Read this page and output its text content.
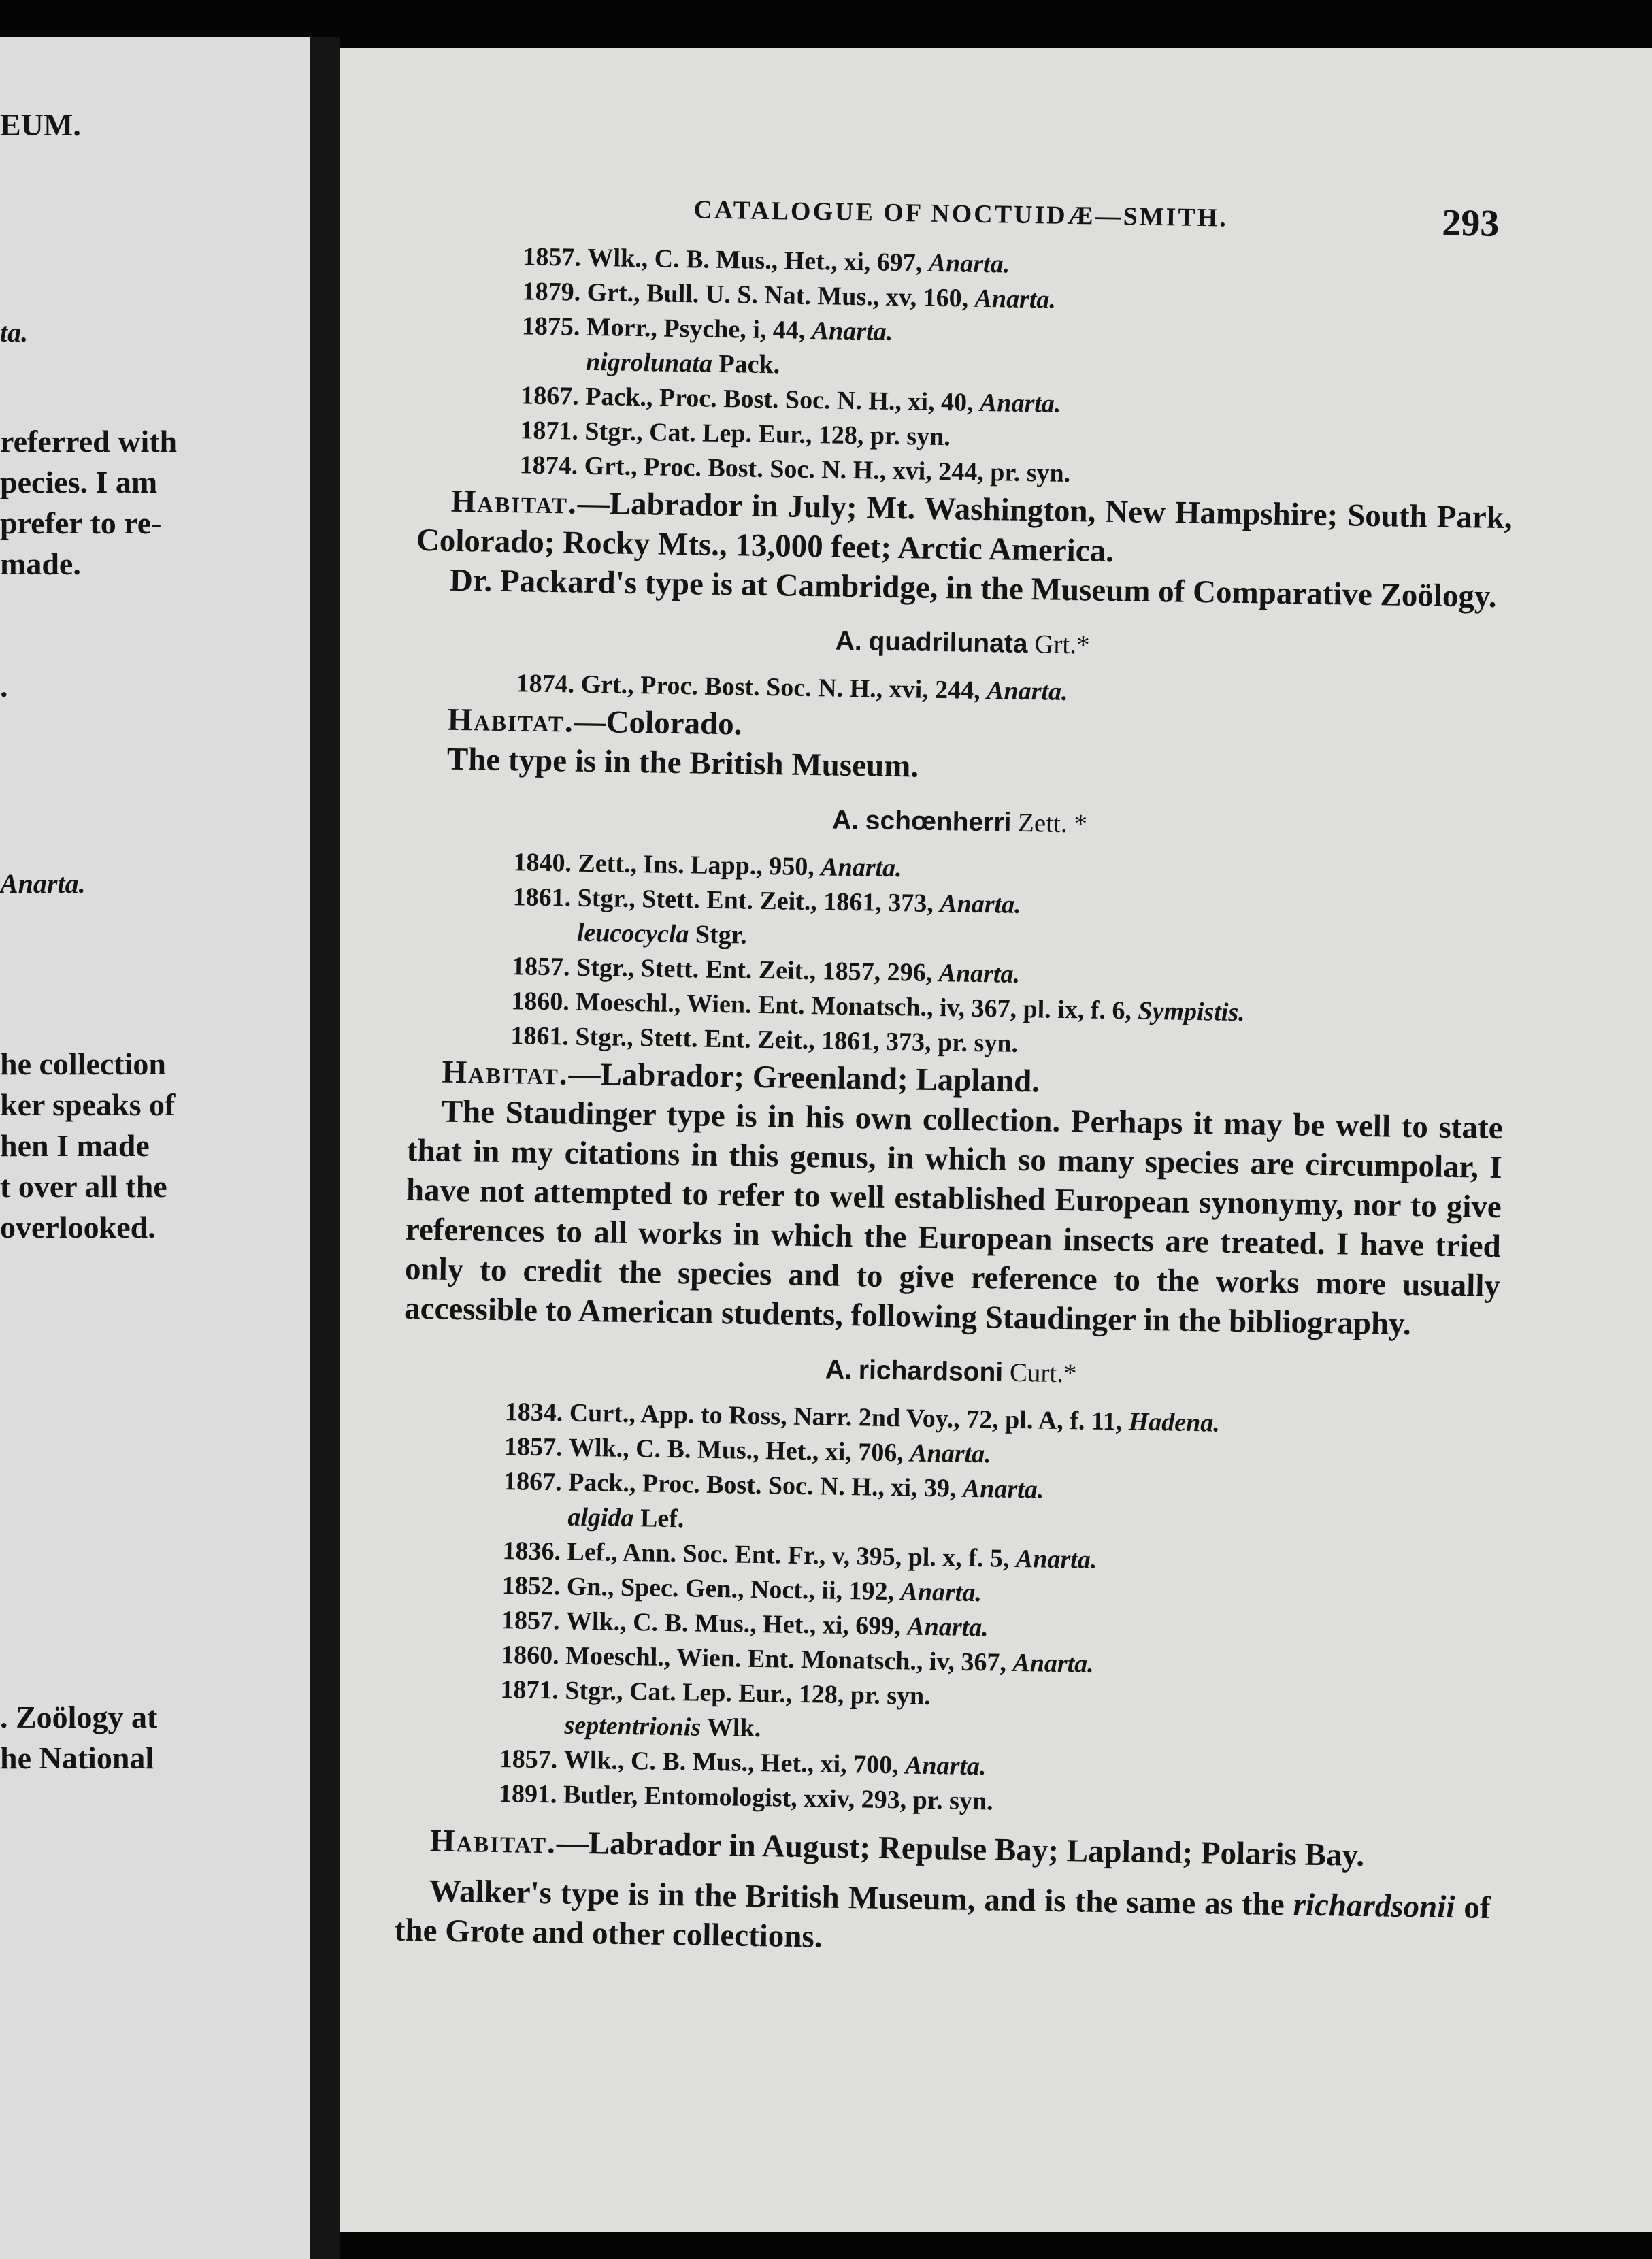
EUM.
ta.
referred with
pecies. I am
prefer to re-
made.
.
Anarta.
he collection
ker speaks of
hen I made
t over all the
overlooked.
. Zoölogy at
he National
CATALOGUE OF NOCTUIDÆ—SMITH.	293
1857. Wlk., C. B. Mus., Het., xi, 697, Anarta.
1879. Grt., Bull. U. S. Nat. Mus., xv, 160, Anarta.
1875. Morr., Psyche, i, 44, Anarta.
nigrolunata Pack.
1867. Pack., Proc. Bost. Soc. N. H., xi, 40, Anarta.
1871. Stgr., Cat. Lep. Eur., 128, pr. syn.
1874. Grt., Proc. Bost. Soc. N. H., xvi, 244, pr. syn.

Habitat.—Labrador in July; Mt. Washington, New Hampshire; South Park, Colorado; Rocky Mts., 13,000 feet; Arctic America.

Dr. Packard's type is at Cambridge, in the Museum of Comparative Zoölogy.

A. quadrilunata Grt.*
1874. Grt., Proc. Bost. Soc. N. H., xvi, 244, Anarta.

Habitat.—Colorado.

The type is in the British Museum.

A. schœnherri Zett. *
1840. Zett., Ins. Lapp., 950, Anarta.
1861. Stgr., Stett. Ent. Zeit., 1861, 373, Anarta.
leucocycla Stgr.
1857. Stgr., Stett. Ent. Zeit., 1857, 296, Anarta.
1860. Moeschl., Wien. Ent. Monatsch., iv, 367, pl. ix, f. 6, Sympistis.
1861. Stgr., Stett. Ent. Zeit., 1861, 373, pr. syn.

Habitat.—Labrador; Greenland; Lapland.

The Staudinger type is in his own collection. Perhaps it may be well to state that in my citations in this genus, in which so many species are circumpolar, I have not attempted to refer to well established European synonymy, nor to give references to all works in which the European insects are treated. I have tried only to credit the species and to give reference to the works more usually accessible to American students, following Staudinger in the bibliography.

A. richardsoni Curt.*
1834. Curt., App. to Ross, Narr. 2nd Voy., 72, pl. A, f. 11, Hadena.
1857. Wlk., C. B. Mus., Het., xi, 706, Anarta.
1867. Pack., Proc. Bost. Soc. N. H., xi, 39, Anarta.
algida Lef.
1836. Lef., Ann. Soc. Ent. Fr., v, 395, pl. x, f. 5, Anarta.
1852. Gn., Spec. Gen., Noct., ii, 192, Anarta.
1857. Wlk., C. B. Mus., Het., xi, 699, Anarta.
1860. Moeschl., Wien. Ent. Monatsch., iv, 367, Anarta.
1871. Stgr., Cat. Lep. Eur., 128, pr. syn.
septentrionis Wlk.
1857. Wlk., C. B. Mus., Het., xi, 700, Anarta.
1891. Butler, Entomologist, xxiv, 293, pr. syn.

Habitat.—Labrador in August; Repulse Bay; Lapland; Polaris Bay.

Walker's type is in the British Museum, and is the same as the richardsonii of the Grote and other collections.
